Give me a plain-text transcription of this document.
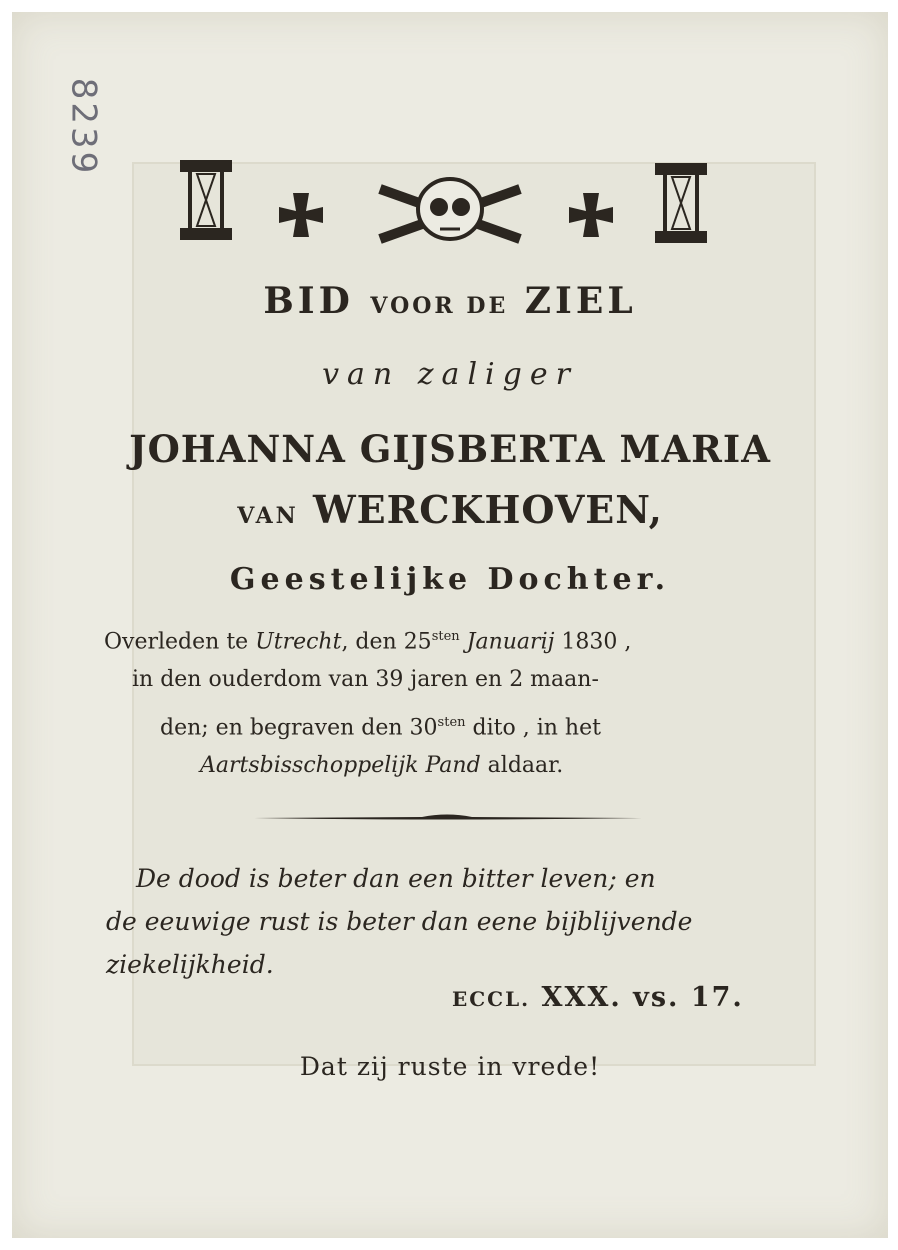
8239
BID VOOR DE ZIEL
van zaliger
JOHANNA GIJSBERTA MARIA
VAN WERCKHOVEN,
Geestelijke Dochter.
Overleden te Utrecht, den $25^{sten}$ Januarij 1830 ,
in den ouderdom van 39 jaren en 2 maan-
den; en begraven den $30^{sten}$ dito , in het
Aartsbisschoppelijk Pand aldaar.
De dood is beter dan een bitter leven; en
de eeuwige rust is beter dan eene bijblijvende
ziekelijkheid.
ECCL. XXX. vs. 17.
Dat zij ruste in vrede!
